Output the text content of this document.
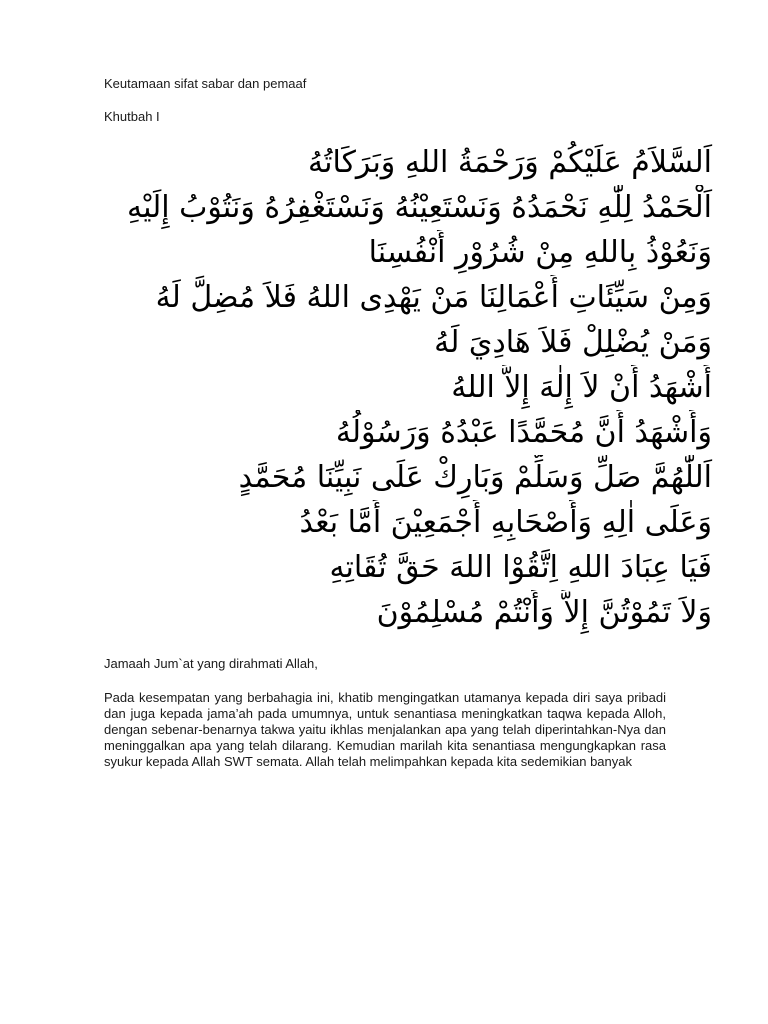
Keutamaan sifat sabar dan pemaaf

Khutbah I

اَلسَّلاَمُ عَلَيْكُمْ وَرَحْمَةُ اللهِ وَبَرَكَاتُهُ
اَلْحَمْدُ لِلّٰهِ نَحْمَدُهُ وَنَسْتَعِيْنُهُ وَنَسْتَغْفِرُهُ وَنَتُوْبُ إِلَيْهِ
وَنَعُوْذُ بِاللهِ مِنْ شُرُوْرِ أَنْفُسِنَا
وَمِنْ سَيِّئَاتِ أَعْمَالِنَا مَنْ يَهْدِى اللهُ فَلاَ مُضِلَّ لَهُ
وَمَنْ يُضْلِلْ فَلاَ هَادِيَ لَهُ
أَشْهَدُ أَنْ لاَ إِلٰهَ إِلاَّ اللهُ
وَأَشْهَدُ أَنَّ مُحَمَّدًا عَبْدُهُ وَرَسُوْلُهُ
اَللّٰهُمَّ صَلِّ وَسَلِّمْ وَبَارِكْ عَلَى نَبِيِّنَا مُحَمَّدٍ
وَعَلَى اٰلِهِ وَأَصْحَابِهِ أَجْمَعِيْنَ أَمَّا بَعْدُ
فَيَا عِبَادَ اللهِ اِتَّقُوْا اللهَ حَقَّ تُقَاتِهِ
وَلاَ تَمُوْتُنَّ إِلاَّ وَأَنْتُمْ مُسْلِمُوْنَ

Jamaah Jum`at yang dirahmati Allah,

Pada kesempatan yang berbahagia ini, khatib mengingatkan utamanya kepada diri saya pribadi dan juga kepada jama’ah pada umumnya, untuk senantiasa meningkatkan taqwa kepada Alloh, dengan sebenar-benarnya takwa yaitu ikhlas menjalankan apa yang telah diperintahkan-Nya dan meninggalkan apa yang telah dilarang. Kemudian marilah kita senantiasa mengungkapkan rasa syukur kepada Allah SWT semata. Allah telah melimpahkan kepada kita sedemikian banyak
